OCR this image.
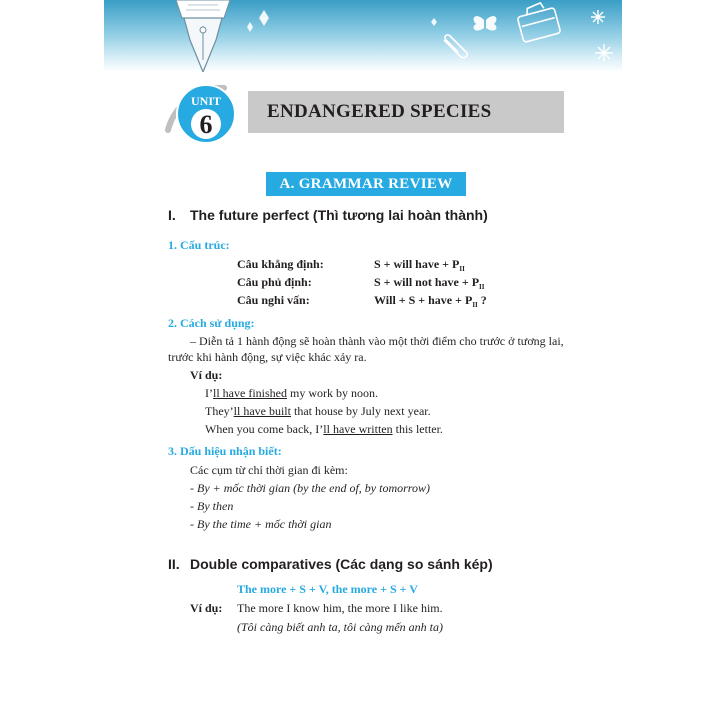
UNIT
6	ENDANGERED SPECIES
A. GRAMMAR REVIEW
I. The future perfect (Thì tương lai hoàn thành)
1. Cấu trúc:
Câu khẳng định:	S + will have + $P_{II}$
Câu phủ định:	S + will not have + $P_{II}$
Câu nghi vấn:	Will + S + have + $P_{II}$ ?
2. Cách sử dụng:
– Diễn tả 1 hành động sẽ hoàn thành vào một thời điểm cho trước ở tương lai,
trước khi hành động, sự việc khác xảy ra.
Ví dụ:
I’ll have finished my work by noon.
They’ll have built that house by July next year.
When you come back, I’ll have written this letter.
3. Dấu hiệu nhận biết:
Các cụm từ chỉ thời gian đi kèm:
- By + mốc thời gian (by the end of, by tomorrow)
- By then
- By the time + mốc thời gian
II. Double comparatives (Các dạng so sánh kép)
The more + S + V, the more + S + V
Ví dụ: The more I know him, the more I like him.
(Tôi càng biết anh ta, tôi càng mến anh ta)
